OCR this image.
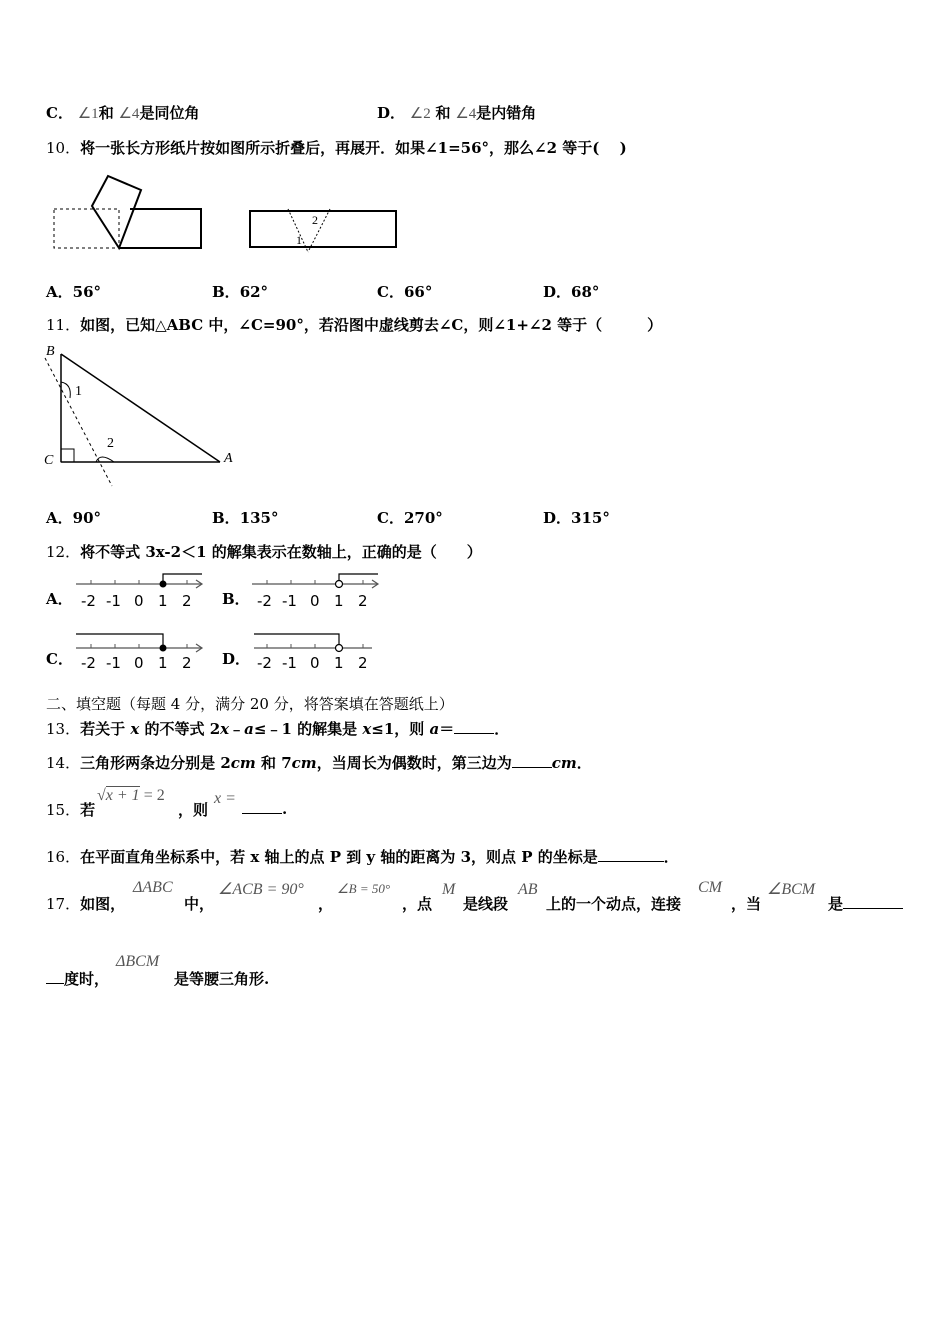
C． ∠1和 ∠4是同位角	D． ∠2 和 ∠4是内错角
10．将一张长方形纸片按如图所示折叠后，再展开．如果∠1=56°，那么∠2 等于(　 )
2
1
A．56°	B．62°	C．66°	D．68°
11．如图，已知△ABC 中，∠C=90°，若沿图中虚线剪去∠C，则∠1+∠2 等于（　　　）
B
C	A
1
2
A．90°	B．135°	C．270°	D．315°
12．将不等式 3x-2＜1 的解集表示在数轴上，正确的是（　　）
A． -2 -1 0 1 2 B． -2 -1 0 1 2
C． -2 -1 0 1 2 D． -2 -1 0 1 2
二、填空题（每题 4 分，满分 20 分，将答案填在答题纸上）
13．若关于 x 的不等式 2x﹣a≤﹣1 的解集是 x≤1，则 a＝	．
14．三角形两条边分别是 2cm 和 7cm，当周长为偶数时，第三边为	cm．
15．若
√x + 1 = 2
，则
x =
.
16．在平面直角坐标系中，若 x 轴上的点 P 到 y 轴的距离为 3，则点 P 的坐标是	．
17．如图，
ΔABC
中，
∠ACB = 90°
，
∠B = 50°
，点
M
是线段
AB
上的一个动点，连接
CM
，当
∠BCM
是
度时，
ΔBCM
是等腰三角形.
